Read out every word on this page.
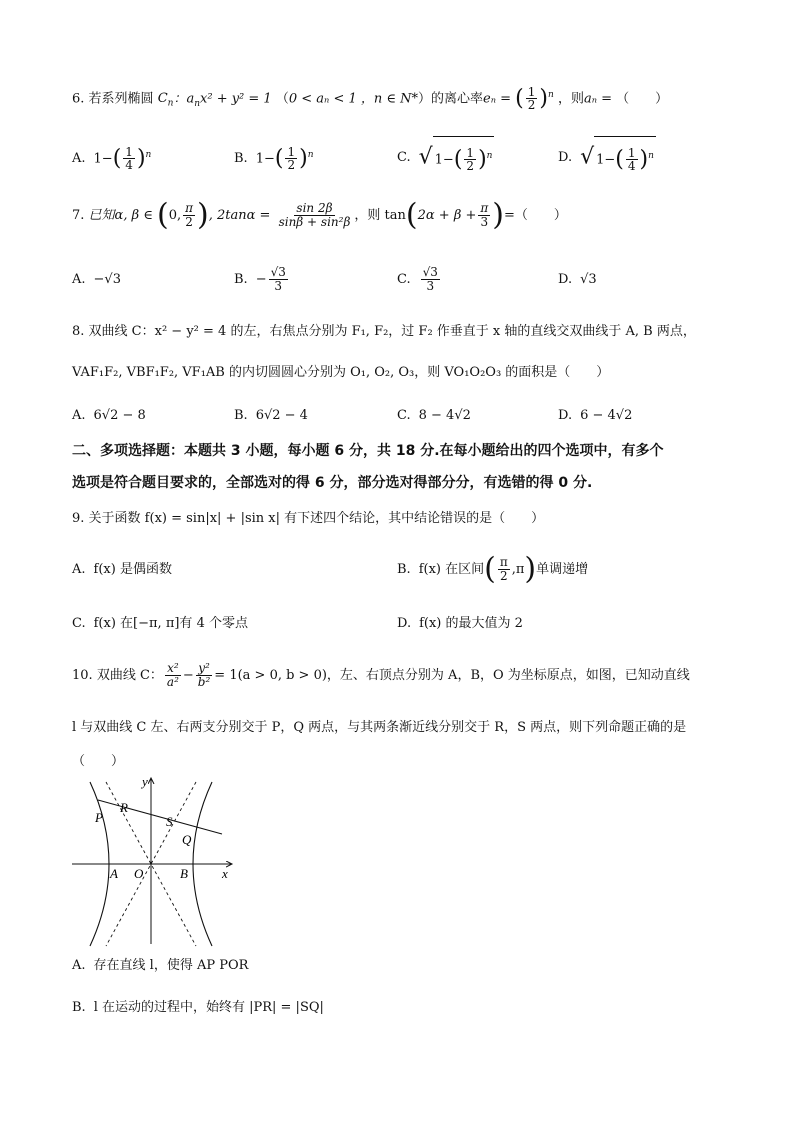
6. 若系列椭圆 $C_n$：$a_nx^2 + y^2 = 1$ （0 < aₙ < 1 ，n ∈ N*）的离心率eₙ = ( $\frac{1}{2} )^n$ ，则aₙ = （　　）
A. $1-( \frac{1}{4} )^n$	B. $1-( \frac{1}{2} )^n$	C. √ $1-( \frac{1}{2} )^n$	D. √ $1-( \frac{1}{4} )^n$
7. 已知α, β ∈ (0, $\frac{\pi}{2}$ ), $2\tan\alpha = \frac{\sin 2\beta}{\text{sinβ + sin²β}}$ ，则 $\tan(2\alpha + \beta + \frac{\pi}{3}$ )=（　　）
A. −√3	B. − $\frac{√3}{3}$	C. $\frac{√3}{3}$	D. √3
8. 双曲线 C：x² − y² = 4 的左，右焦点分别为 F₁, F₂，过 F₂ 作垂直于 x 轴的直线交双曲线于 A, B 两点，
VAF₁F₂, VBF₁F₂, VF₁AB 的内切圆圆心分别为 O₁, O₂, O₃，则 VO₁O₂O₃ 的面积是（　　）
A. 6√2 − 8	B. 6√2 − 4	C. 8 − 4√2	D. 6 − 4√2
二、多项选择题：本题共 3 小题，每小题 6 分，共 18 分.在每小题给出的四个选项中，有多个
选项是符合题目要求的，全部选对的得 6 分，部分选对得部分分，有选错的得 0 分.
9. 关于函数 f(x) = sin|x| + |sin x| 有下述四个结论，其中结论错误的是（　　）
A. f(x) 是偶函数	B. f(x) 在区间( $\frac{\pi}{2} ,\pi$)单调递增
C. f(x) 在[−π, π]有 4 个零点	D. f(x) 的最大值为 2
10. 双曲线 C： $\frac{\text{x²}}{\text{a²}} - \frac{\text{y²}}{\text{b²}} = 1(a > 0$, b > 0)，左、右顶点分别为 A，B，O 为坐标原点，如图，已知动直线
l 与双曲线 C 左、右两支分别交于 P，Q 两点，与其两条渐近线分别交于 R，S 两点，则下列命题正确的是
（　　）
y
x
R
P	S
Q
A O	B
A. 存在直线 l，使得 AP POR
B. l 在运动的过程中，始终有 |PR| = |SQ|
